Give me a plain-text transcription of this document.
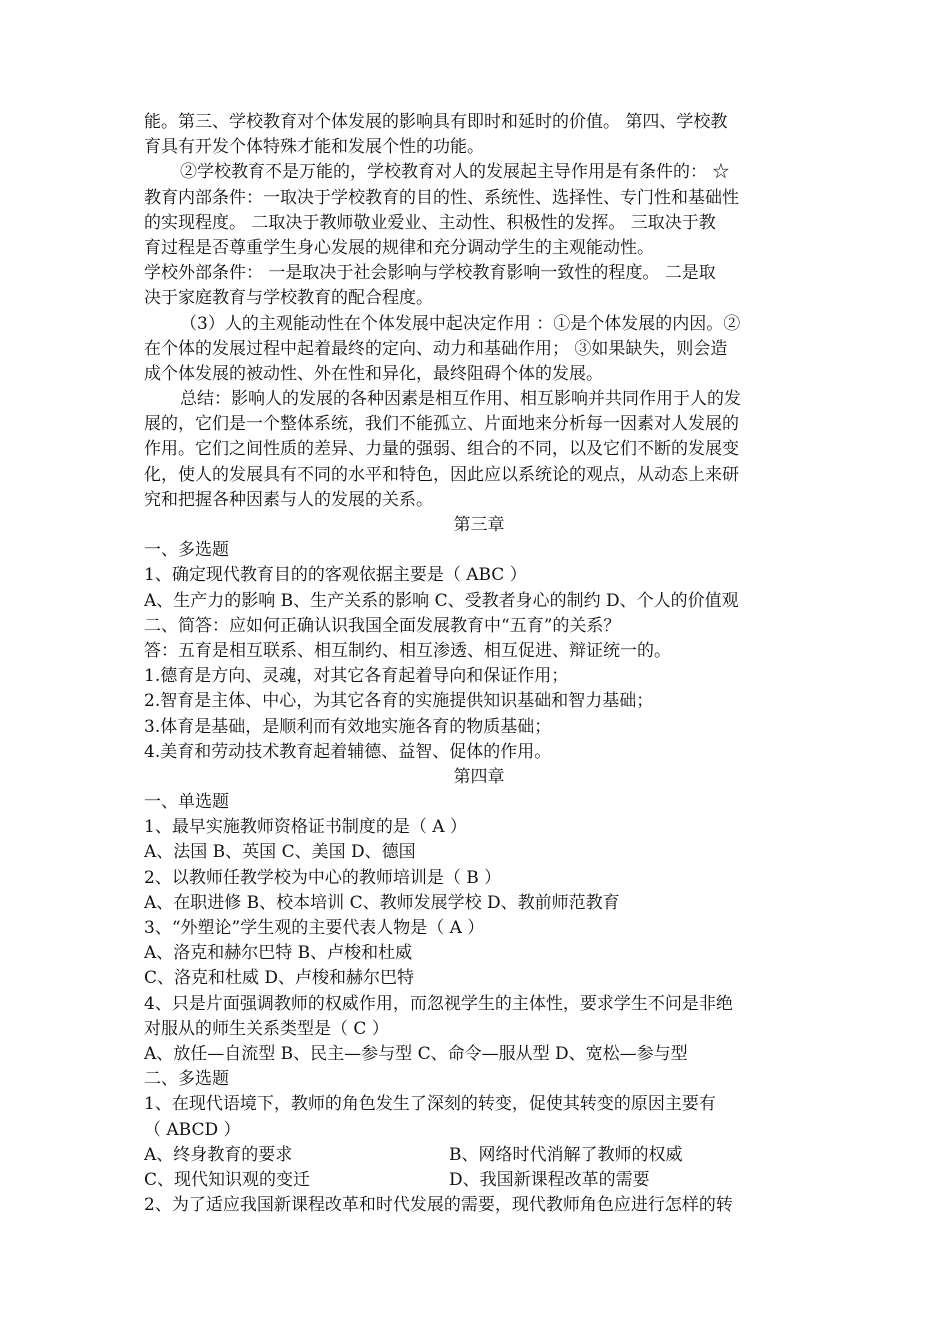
能。第三、学校教育对个体发展的影响具有即时和延时的价值。 第四、学校教
育具有开发个体特殊才能和发展个性的功能。
②学校教育不是万能的，学校教育对人的发展起主导作用是有条件的： ☆
教育内部条件：一取决于学校教育的目的性、系统性、选择性、专门性和基础性
的实现程度。 二取决于教师敬业爱业、主动性、积极性的发挥。 三取决于教
育过程是否尊重学生身心发展的规律和充分调动学生的主观能动性。
学校外部条件： 一是取决于社会影响与学校教育影响一致性的程度。 二是取
决于家庭教育与学校教育的配合程度。
（3）人的主观能动性在个体发展中起决定作用 ：①是个体发展的内因。②
在个体的发展过程中起着最终的定向、动力和基础作用； ③如果缺失，则会造
成个体发展的被动性、外在性和异化，最终阻碍个体的发展。
总结：影响人的发展的各种因素是相互作用、相互影响并共同作用于人的发
展的，它们是一个整体系统，我们不能孤立、片面地来分析每一因素对人发展的
作用。它们之间性质的差异、力量的强弱、组合的不同，以及它们不断的发展变
化，使人的发展具有不同的水平和特色，因此应以系统论的观点，从动态上来研
究和把握各种因素与人的发展的关系。
第三章
一、多选题
1、确定现代教育目的的客观依据主要是（ ABC ）
A、生产力的影响 B、生产关系的影响 C、受教者身心的制约 D、个人的价值观
二、简答：应如何正确认识我国全面发展教育中“五育”的关系？
答：五育是相互联系、相互制约、相互渗透、相互促进、辩证统一的。
1.德育是方向、灵魂，对其它各育起着导向和保证作用；
2.智育是主体、中心，为其它各育的实施提供知识基础和智力基础；
3.体育是基础，是顺利而有效地实施各育的物质基础；
4.美育和劳动技术教育起着辅德、益智、促体的作用。
第四章
一、单选题
1、最早实施教师资格证书制度的是（ A ）
A、法国 B、英国 C、美国 D、德国
2、以教师任教学校为中心的教师培训是（ B ）
A、在职进修 B、校本培训 C、教师发展学校 D、教前师范教育
3、“外塑论”学生观的主要代表人物是（ A ）
A、洛克和赫尔巴特 B、卢梭和杜威
C、洛克和杜威 D、卢梭和赫尔巴特
4、只是片面强调教师的权威作用，而忽视学生的主体性，要求学生不问是非绝
对服从的师生关系类型是（ C ）
A、放任—自流型 B、民主—参与型 C、命令—服从型 D、宽松—参与型
二、多选题
1、在现代语境下，教师的角色发生了深刻的转变，促使其转变的原因主要有
（ ABCD ）
A、终身教育的要求	B、网络时代消解了教师的权威
C、现代知识观的变迁	D、我国新课程改革的需要
2、为了适应我国新课程改革和时代发展的需要，现代教师角色应进行怎样的转
